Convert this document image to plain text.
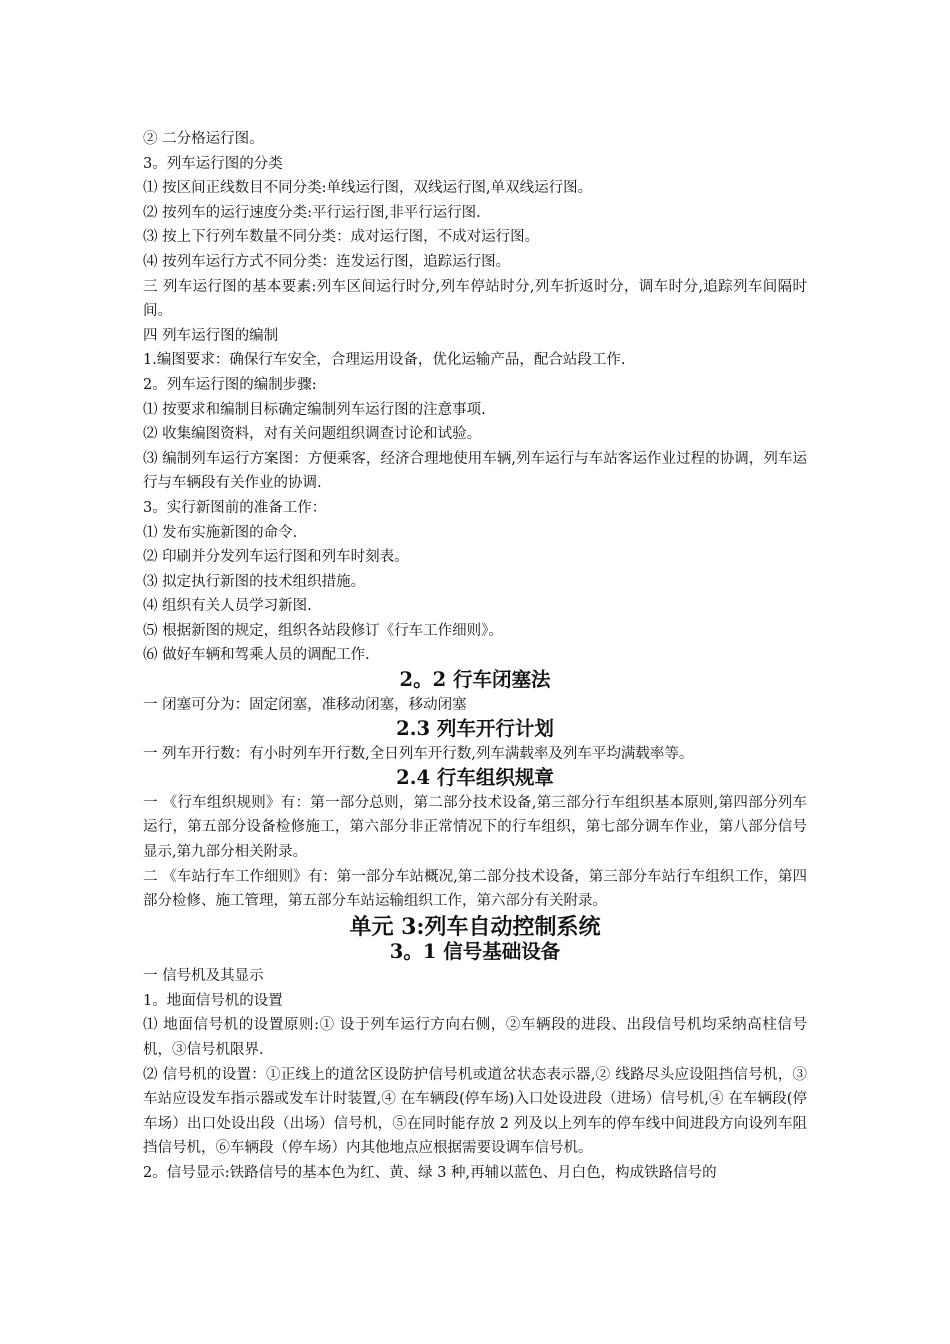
② 二分格运行图。

3。列车运行图的分类

⑴ 按区间正线数目不同分类:单线运行图，双线运行图,单双线运行图。

⑵ 按列车的运行速度分类:平行运行图,非平行运行图.

⑶ 按上下行列车数量不同分类：成对运行图，不成对运行图。

⑷ 按列车运行方式不同分类：连发运行图，追踪运行图。

三 列车运行图的基本要素:列车区间运行时分,列车停站时分,列车折返时分，调车时分,追踪列车间隔时间。

四 列车运行图的编制

1.编图要求：确保行车安全，合理运用设备，优化运输产品，配合站段工作.

2。列车运行图的编制步骤:

⑴ 按要求和编制目标确定编制列车运行图的注意事项.

⑵ 收集编图资料，对有关问题组织调查讨论和试验。

⑶ 编制列车运行方案图：方便乘客，经济合理地使用车辆,列车运行与车站客运作业过程的协调，列车运行与车辆段有关作业的协调.

3。实行新图前的准备工作：

⑴ 发布实施新图的命令.

⑵ 印刷并分发列车运行图和列车时刻表。

⑶ 拟定执行新图的技术组织措施。

⑷ 组织有关人员学习新图.

⑸ 根据新图的规定，组织各站段修订《行车工作细则》。

⑹ 做好车辆和驾乘人员的调配工作.

2。2 行车闭塞法

一 闭塞可分为：固定闭塞，准移动闭塞，移动闭塞

2.3 列车开行计划

一 列车开行数：有小时列车开行数,全日列车开行数,列车满载率及列车平均满载率等。

2.4 行车组织规章

一 《行车组织规则》有：第一部分总则，第二部分技术设备,第三部分行车组织基本原则,第四部分列车运行，第五部分设备检修施工，第六部分非正常情况下的行车组织，第七部分调车作业，第八部分信号显示,第九部分相关附录。

二 《车站行车工作细则》有：第一部分车站概况,第二部分技术设备，第三部分车站行车组织工作，第四部分检修、施工管理，第五部分车站运输组织工作，第六部分有关附录。

单元 3:列车自动控制系统
3。1 信号基础设备

一 信号机及其显示

1。地面信号机的设置

⑴ 地面信号机的设置原则:① 设于列车运行方向右侧，②车辆段的进段、出段信号机均采纳高柱信号机，③信号机限界.

⑵ 信号机的设置：①正线上的道岔区设防护信号机或道岔状态表示器,② 线路尽头应设阻挡信号机，③车站应设发车指示器或发车计时装置,④ 在车辆段(停车场)入口处设进段（进场）信号机,④ 在车辆段(停车场）出口处设出段（出场）信号机，⑤在同时能存放 2 列及以上列车的停车线中间进段方向设列车阻挡信号机，⑥车辆段（停车场）内其他地点应根据需要设调车信号机。

2。信号显示:铁路信号的基本色为红、黄、绿 3 种,再辅以蓝色、月白色，构成铁路信号的
